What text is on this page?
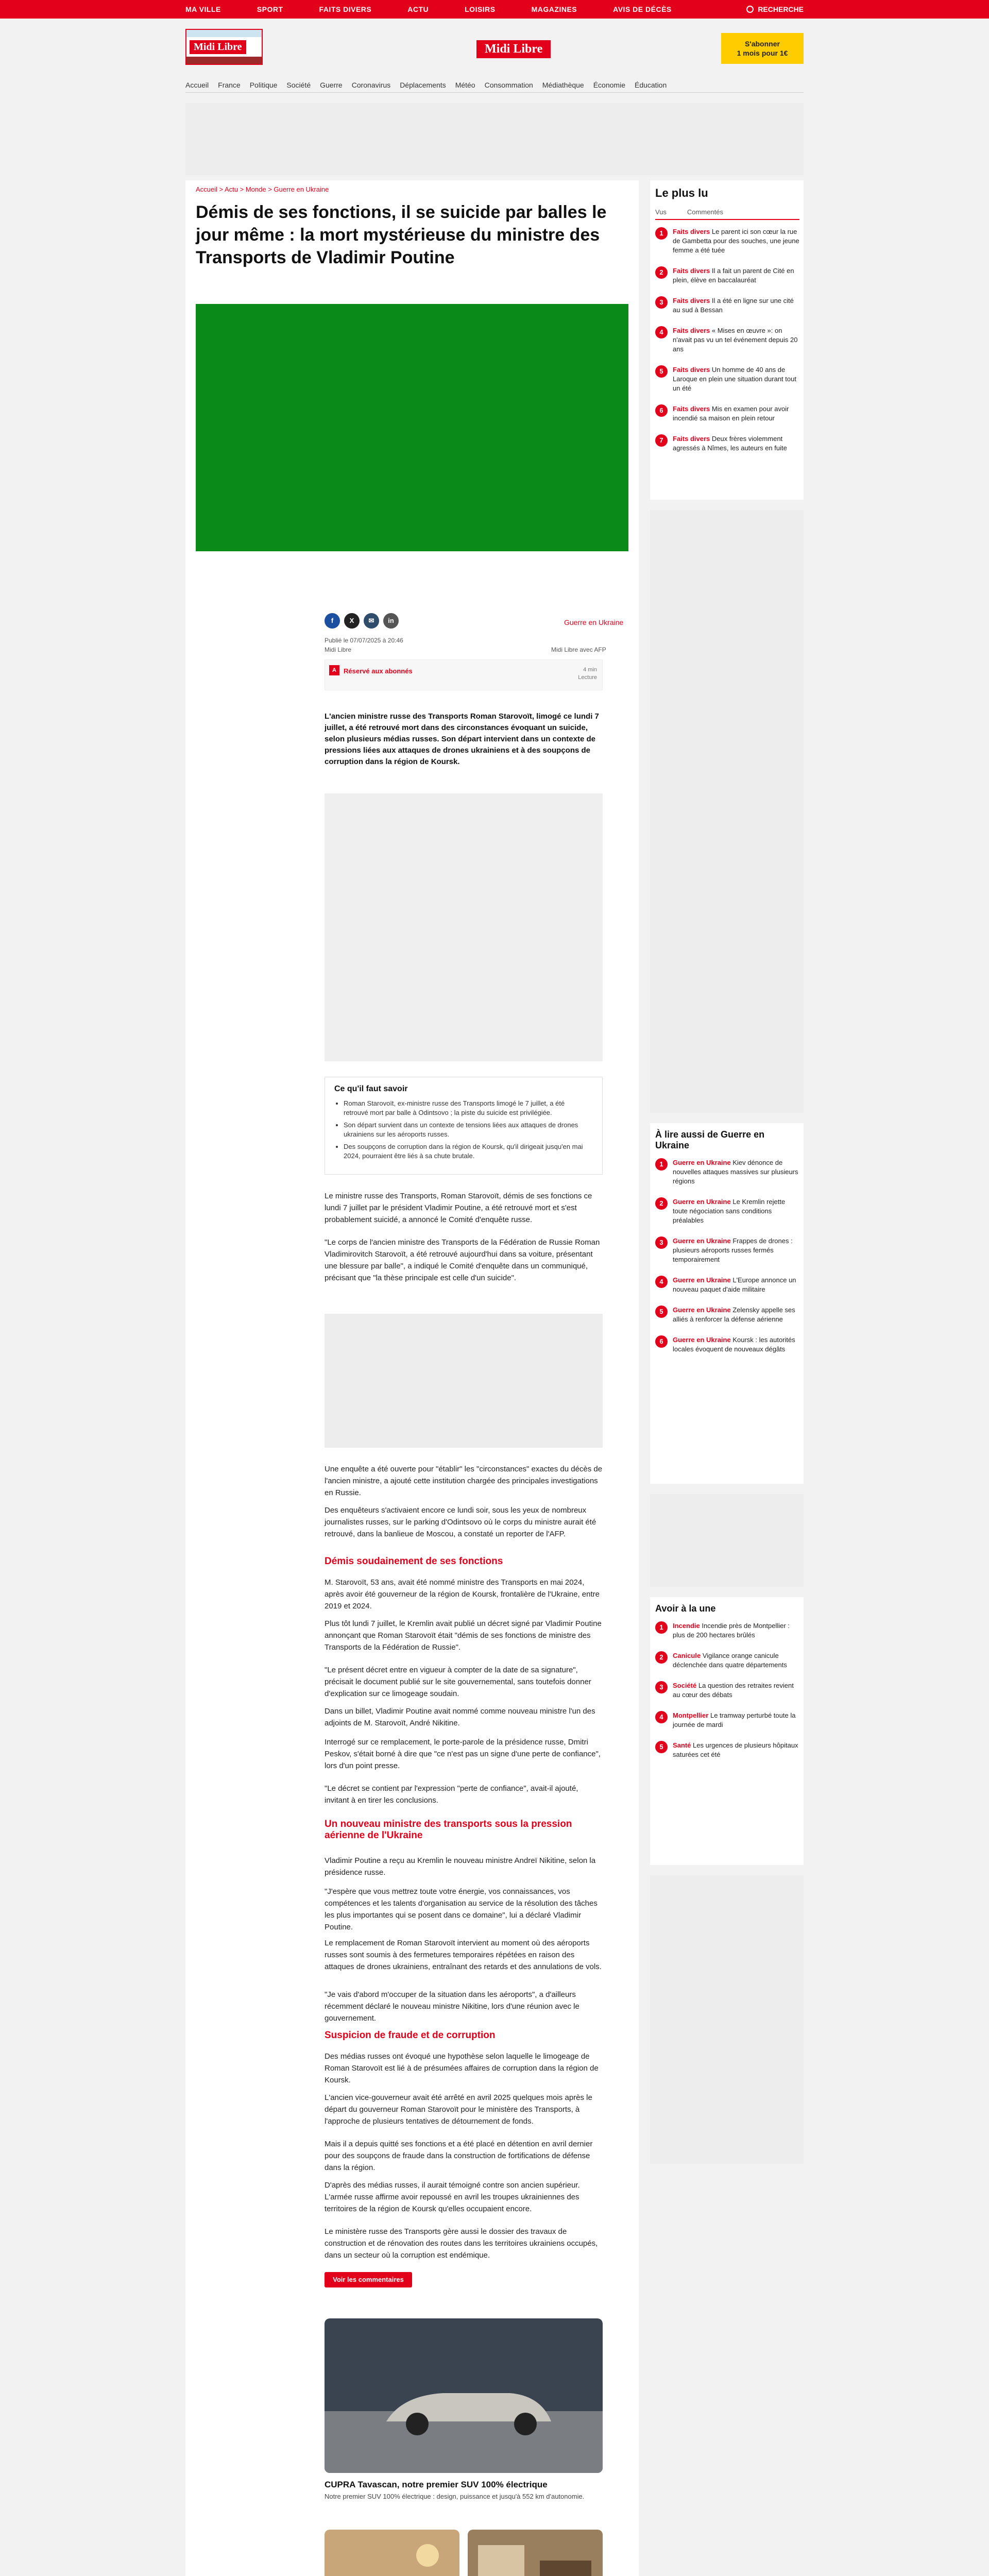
MA VILLE	SPORT	FAITS DIVERS	ACTU	LOISIRS	MAGAZINES	AVIS DE DÉCÈS	RECHERCHE
Midi Libre	Midi Libre	S'abonner
1 mois pour 1€
Accueil France Politique Société Guerre Coronavirus Déplacements Météo Consommation Médiathèque Économie Éducation
Accueil > Actu > Monde > Guerre en Ukraine
Démis de ses fonctions, il se suicide par balles le jour même : la mort mystérieuse du ministre des Transports de Vladimir Poutine
f	X	✉	in	Guerre en Ukraine
Publié le 07/07/2025 à 20:46
Midi Libre	Midi Libre avec AFP
A	Réservé aux abonnés	4 min
Lecture

L'ancien ministre russe des Transports Roman Starovoït, limogé ce lundi 7 juillet, a été retrouvé mort dans des circonstances évoquant un suicide, selon plusieurs médias russes. Son départ intervient dans un contexte de pressions liées aux attaques de drones ukrainiens et à des soupçons de corruption dans la région de Koursk.

Ce qu'il faut savoir
• Roman Starovoït, ex-ministre russe des Transports limogé le 7 juillet, a été retrouvé mort par balle à Odintsovo ; la piste du suicide est privilégiée.
• Son départ survient dans un contexte de tensions liées aux attaques de drones ukrainiens sur les aéroports russes.
• Des soupçons de corruption dans la région de Koursk, qu'il dirigeait jusqu'en mai 2024, pourraient être liés à sa chute brutale.

Le ministre russe des Transports, Roman Starovoït, démis de ses fonctions ce lundi 7 juillet par le président Vladimir Poutine, a été retrouvé mort et s'est probablement suicidé, a annoncé le Comité d'enquête russe.

"Le corps de l'ancien ministre des Transports de la Fédération de Russie Roman Vladimirovitch Starovoït, a été retrouvé aujourd'hui dans sa voiture, présentant une blessure par balle", a indiqué le Comité d'enquête dans un communiqué, précisant que "la thèse principale est celle d'un suicide".

Une enquête a été ouverte pour "établir" les "circonstances" exactes du décès de l'ancien ministre, a ajouté cette institution chargée des principales investigations en Russie.

Des enquêteurs s'activaient encore ce lundi soir, sous les yeux de nombreux journalistes russes, sur le parking d'Odintsovo où le corps du ministre aurait été retrouvé, dans la banlieue de Moscou, a constaté un reporter de l'AFP.

Démis soudainement de ses fonctions

M. Starovoït, 53 ans, avait été nommé ministre des Transports en mai 2024, après avoir été gouverneur de la région de Koursk, frontalière de l'Ukraine, entre 2019 et 2024.

Plus tôt lundi 7 juillet, le Kremlin avait publié un décret signé par Vladimir Poutine annonçant que Roman Starovoït était "démis de ses fonctions de ministre des Transports de la Fédération de Russie".

"Le présent décret entre en vigueur à compter de la date de sa signature", précisait le document publié sur le site gouvernemental, sans toutefois donner d'explication sur ce limogeage soudain.

Dans un billet, Vladimir Poutine avait nommé comme nouveau ministre l'un des adjoints de M. Starovoït, André Nikitine.

Interrogé sur ce remplacement, le porte-parole de la présidence russe, Dmitri Peskov, s'était borné à dire que "ce n'est pas un signe d'une perte de confiance", lors d'un point presse.

"Le décret se contient par l'expression "perte de confiance", avait-il ajouté, invitant à en tirer les conclusions.

Un nouveau ministre des transports sous la pression aérienne de l'Ukraine

Vladimir Poutine a reçu au Kremlin le nouveau ministre Andreï Nikitine, selon la présidence russe.

"J'espère que vous mettrez toute votre énergie, vos connaissances, vos compétences et les talents d'organisation au service de la résolution des tâches les plus importantes qui se posent dans ce domaine", lui a déclaré Vladimir Poutine.

Le remplacement de Roman Starovoït intervient au moment où des aéroports russes sont soumis à des fermetures temporaires répétées en raison des attaques de drones ukrainiens, entraînant des retards et des annulations de vols.

"Je vais d'abord m'occuper de la situation dans les aéroports", a d'ailleurs récemment déclaré le nouveau ministre Nikitine, lors d'une réunion avec le gouvernement.

Suspicion de fraude et de corruption

Des médias russes ont évoqué une hypothèse selon laquelle le limogeage de Roman Starovoït est lié à de présumées affaires de corruption dans la région de Koursk.

L'ancien vice-gouverneur avait été arrêté en avril 2025 quelques mois après le départ du gouverneur Roman Starovoït pour le ministère des Transports, à l'approche de plusieurs tentatives de détournement de fonds.

Mais il a depuis quitté ses fonctions et a été placé en détention en avril dernier pour des soupçons de fraude dans la construction de fortifications de défense dans la région.

D'après des médias russes, il aurait témoigné contre son ancien supérieur. L'armée russe affirme avoir repoussé en avril les troupes ukrainiennes des territoires de la région de Koursk qu'elles occupaient encore.

Le ministère russe des Transports gère aussi le dossier des travaux de construction et de rénovation des routes dans les territoires ukrainiens occupés, dans un secteur où la corruption est endémique.

Voir les commentaires
CUPRA Tavascan, notre premier SUV 100% électrique
Notre premier SUV 100% électrique : design, puissance et jusqu'à 552 km d'autonomie.
Le plus lu
Vus	Commentés
1	Faits divers Le parent ici son cœur la rue de Gambetta pour des souches, une jeune femme a été tuée
2	Faits divers Il a fait un parent de Cité en plein, élève en baccalauréat
3	Faits divers Il a été en ligne sur une cité au sud à Bessan
4	Faits divers « Mises en œuvre »: on n'avait pas vu un tel événement depuis 20 ans
5	Faits divers Un homme de 40 ans de Laroque en plein une situation durant tout un été
6	Faits divers Mis en examen pour avoir incendié sa maison en plein retour
7	Faits divers Deux frères violemment agressés à Nîmes, les auteurs en fuite
À lire aussi de Guerre en Ukraine
1	Guerre en Ukraine Kiev dénonce de nouvelles attaques massives sur plusieurs régions
2	Guerre en Ukraine Le Kremlin rejette toute négociation sans conditions préalables
3	Guerre en Ukraine Frappes de drones : plusieurs aéroports russes fermés temporairement
4	Guerre en Ukraine L'Europe annonce un nouveau paquet d'aide militaire
5	Guerre en Ukraine Zelensky appelle ses alliés à renforcer la défense aérienne
6	Guerre en Ukraine Koursk : les autorités locales évoquent de nouveaux dégâts
Avoir à la une
1	Incendie Incendie près de Montpellier : plus de 200 hectares brûlés
2	Canicule Vigilance orange canicule déclenchée dans quatre départements
3	Société La question des retraites revient au cœur des débats
4	Montpellier Le tramway perturbé toute la journée de mardi
5	Santé Les urgences de plusieurs hôpitaux saturées cet été
